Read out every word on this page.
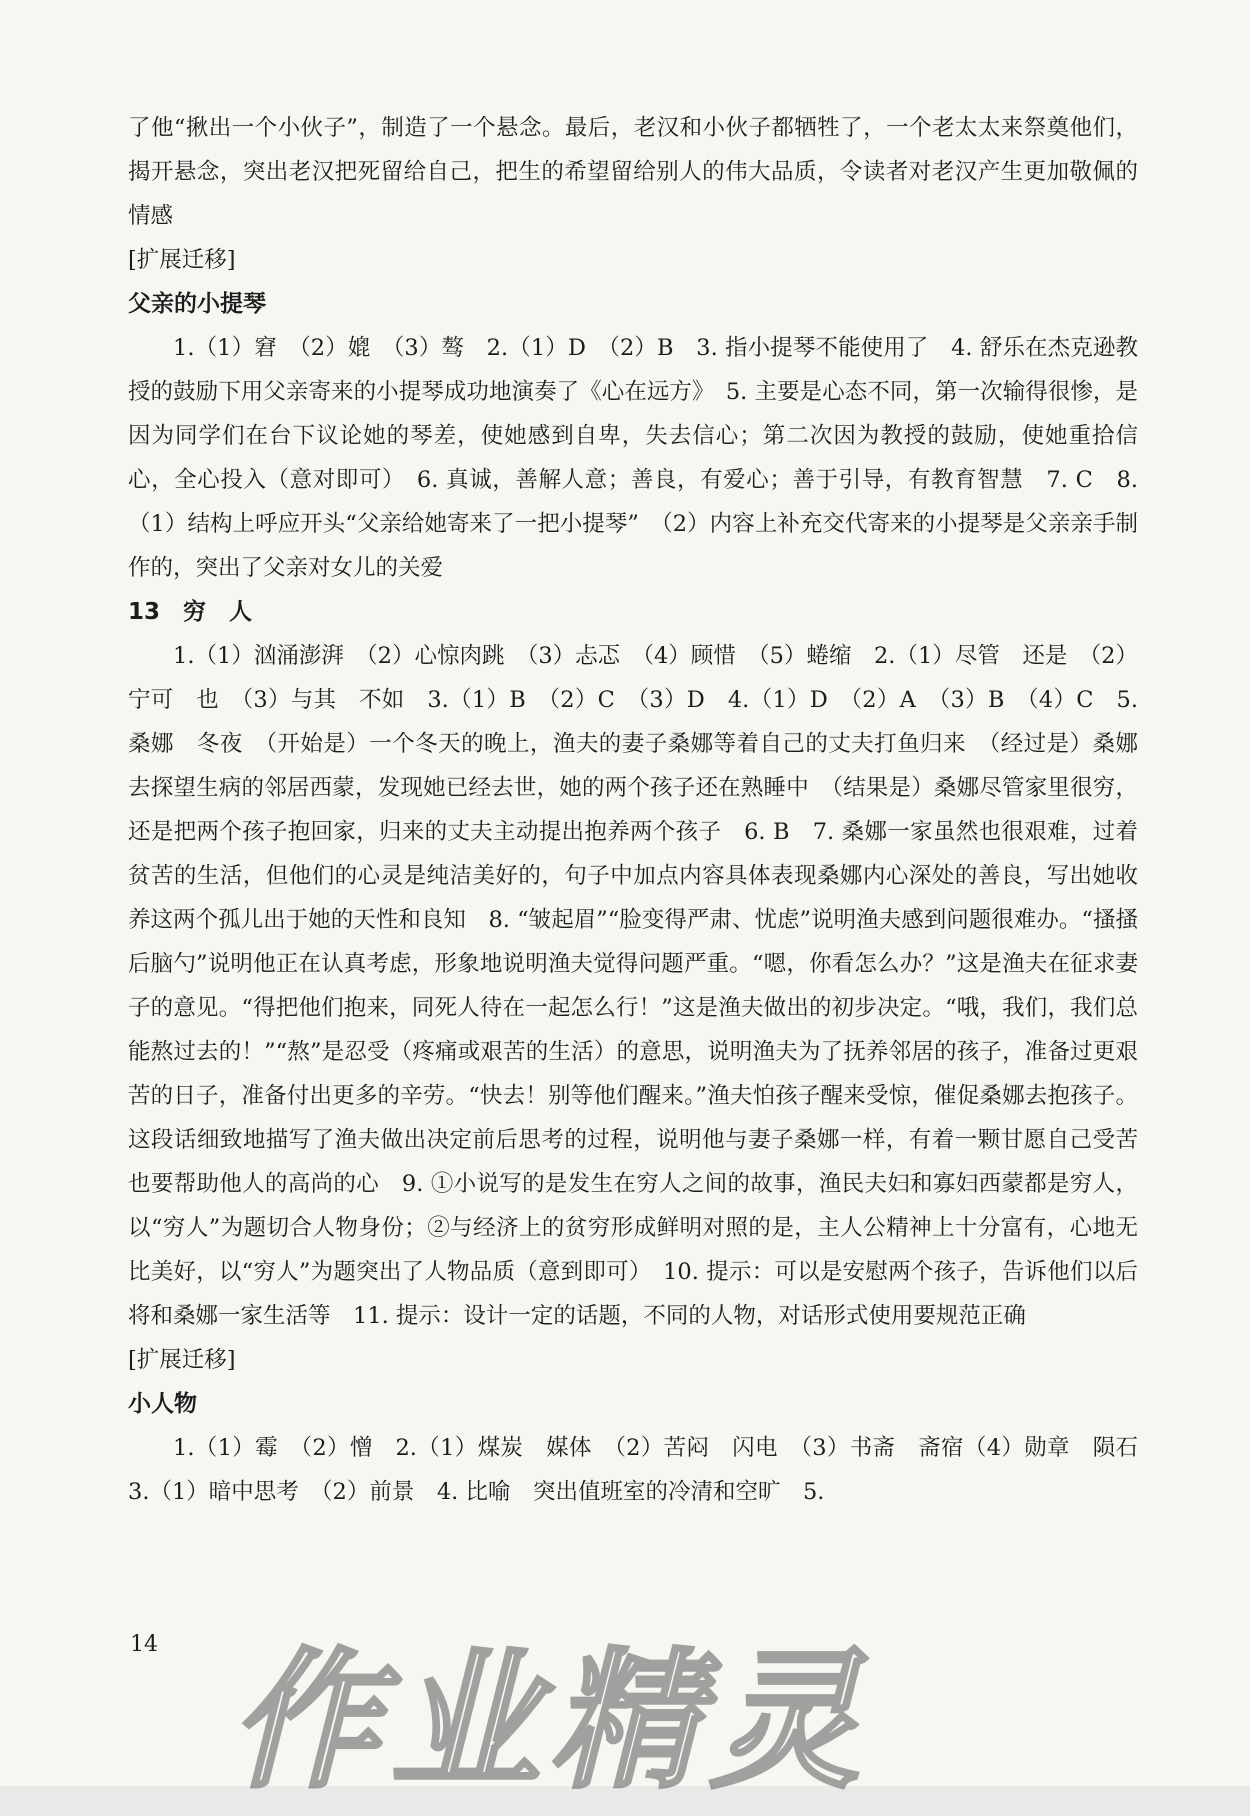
了他“揪出一个小伙子”，制造了一个悬念。最后，老汉和小伙子都牺牲了，一个老太太来祭奠他们，揭开悬念，突出老汉把死留给自己，把生的希望留给别人的伟大品质，令读者对老汉产生更加敬佩的情感

[扩展迁移]

父亲的小提琴

1.（1）窘　（2）媲　（3）骜　2.（1）D　（2）B　3. 指小提琴不能使用了　4. 舒乐在杰克逊教授的鼓励下用父亲寄来的小提琴成功地演奏了《心在远方》　5. 主要是心态不同，第一次输得很惨，是因为同学们在台下议论她的琴差，使她感到自卑，失去信心；第二次因为教授的鼓励，使她重拾信心，全心投入（意对即可）　6. 真诚，善解人意；善良，有爱心；善于引导，有教育智慧　7. C　8.（1）结构上呼应开头“父亲给她寄来了一把小提琴”　（2）内容上补充交代寄来的小提琴是父亲亲手制作的，突出了父亲对女儿的关爱

13　穷　人

1.（1）汹涌澎湃　（2）心惊肉跳　（3）忐忑　（4）顾惜　（5）蜷缩　2.（1）尽管　还是　（2）宁可　也　（3）与其　不如　3.（1）B　（2）C　（3）D　4.（1）D　（2）A　（3）B　（4）C　5. 桑娜　冬夜　（开始是）一个冬天的晚上，渔夫的妻子桑娜等着自己的丈夫打鱼归来　（经过是）桑娜去探望生病的邻居西蒙，发现她已经去世，她的两个孩子还在熟睡中　（结果是）桑娜尽管家里很穷，还是把两个孩子抱回家，归来的丈夫主动提出抱养两个孩子　6. B　7. 桑娜一家虽然也很艰难，过着贫苦的生活，但他们的心灵是纯洁美好的，句子中加点内容具体表现桑娜内心深处的善良，写出她收养这两个孤儿出于她的天性和良知　8. “皱起眉”“脸变得严肃、忧虑”说明渔夫感到问题很难办。“搔搔后脑勺”说明他正在认真考虑，形象地说明渔夫觉得问题严重。“嗯，你看怎么办？”这是渔夫在征求妻子的意见。“得把他们抱来，同死人待在一起怎么行！”这是渔夫做出的初步决定。“哦，我们，我们总能熬过去的！”“熬”是忍受（疼痛或艰苦的生活）的意思，说明渔夫为了抚养邻居的孩子，准备过更艰苦的日子，准备付出更多的辛劳。“快去！别等他们醒来。”渔夫怕孩子醒来受惊，催促桑娜去抱孩子。这段话细致地描写了渔夫做出决定前后思考的过程，说明他与妻子桑娜一样，有着一颗甘愿自己受苦也要帮助他人的高尚的心　9. ①小说写的是发生在穷人之间的故事，渔民夫妇和寡妇西蒙都是穷人，以“穷人”为题切合人物身份；②与经济上的贫穷形成鲜明对照的是，主人公精神上十分富有，心地无比美好，以“穷人”为题突出了人物品质（意到即可）　10. 提示：可以是安慰两个孩子，告诉他们以后将和桑娜一家生活等　11. 提示：设计一定的话题，不同的人物，对话形式使用要规范正确

[扩展迁移]

小人物

1.（1）霉　（2）憎　2.（1）煤炭　媒体　（2）苦闷　闪电　（3）书斋　斋宿（4）勋章　陨石　3.（1）暗中思考　（2）前景　4. 比喻　突出值班室的冷清和空旷　5.

14 作业精灵
